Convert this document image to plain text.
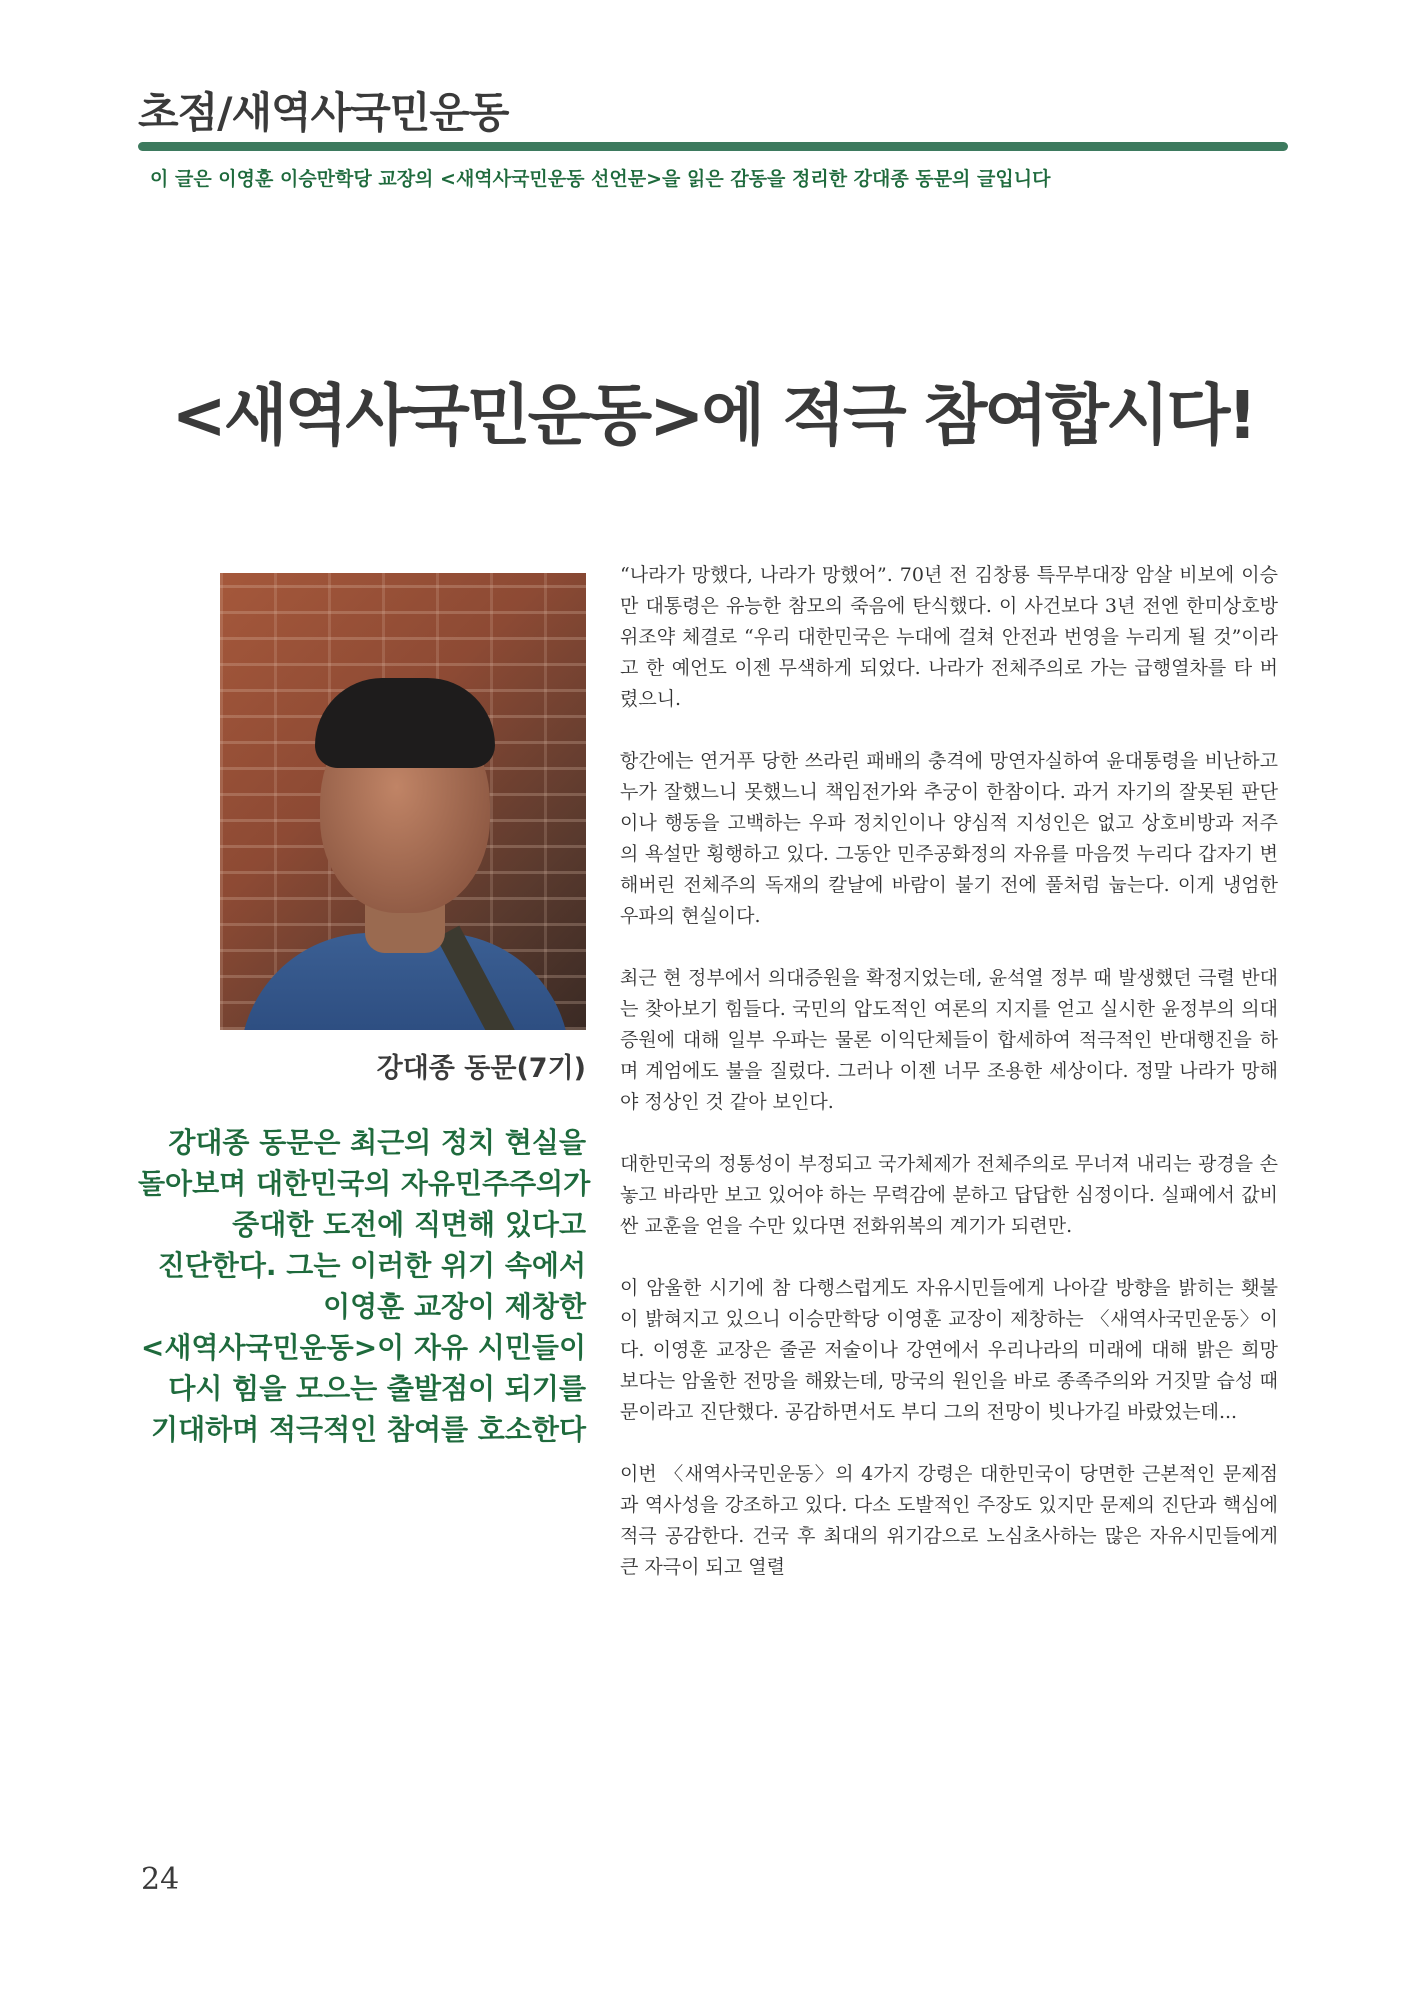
초점/새역사국민운동
이 글은 이영훈 이승만학당 교장의 <새역사국민운동 선언문>을 읽은 감동을 정리한 강대종 동문의 글입니다
<새역사국민운동>에 적극 참여합시다!
강대종 동문(7기)
강대종 동문은 최근의 정치 현실을
돌아보며 대한민국의 자유민주주의가
중대한 도전에 직면해 있다고
진단한다. 그는 이러한 위기 속에서
이영훈 교장이 제창한
<새역사국민운동>이 자유 시민들이
다시 힘을 모으는 출발점이 되기를
기대하며 적극적인 참여를 호소한다

“나라가 망했다, 나라가 망했어”. 70년 전 김창룡 특무부대장 암살 비보에 이승만 대통령은 유능한 참모의 죽음에 탄식했다. 이 사건보다 3년 전엔 한미상호방위조약 체결로 “우리 대한민국은 누대에 걸쳐 안전과 번영을 누리게 될 것”이라고 한 예언도 이젠 무색하게 되었다. 나라가 전체주의로 가는 급행열차를 타 버렸으니.

항간에는 연거푸 당한 쓰라린 패배의 충격에 망연자실하여 윤대통령을 비난하고 누가 잘했느니 못했느니 책임전가와 추궁이 한참이다. 과거 자기의 잘못된 판단이나 행동을 고백하는 우파 정치인이나 양심적 지성인은 없고 상호비방과 저주의 욕설만 횡행하고 있다. 그동안 민주공화정의 자유를 마음껏 누리다 갑자기 변해버린 전체주의 독재의 칼날에 바람이 불기 전에 풀처럼 눕는다. 이게 냉엄한 우파의 현실이다.

최근 현 정부에서 의대증원을 확정지었는데, 윤석열 정부 때 발생했던 극렬 반대는 찾아보기 힘들다. 국민의 압도적인 여론의 지지를 얻고 실시한 윤정부의 의대증원에 대해 일부 우파는 물론 이익단체들이 합세하여 적극적인 반대행진을 하며 계엄에도 불을 질렀다. 그러나 이젠 너무 조용한 세상이다. 정말 나라가 망해야 정상인 것 같아 보인다.

대한민국의 정통성이 부정되고 국가체제가 전체주의로 무너져 내리는 광경을 손 놓고 바라만 보고 있어야 하는 무력감에 분하고 답답한 심정이다. 실패에서 값비싼 교훈을 얻을 수만 있다면 전화위복의 계기가 되련만.

이 암울한 시기에 참 다행스럽게도 자유시민들에게 나아갈 방향을 밝히는 횃불이 밝혀지고 있으니 이승만학당 이영훈 교장이 제창하는 〈새역사국민운동〉이다. 이영훈 교장은 줄곧 저술이나 강연에서 우리나라의 미래에 대해 밝은 희망 보다는 암울한 전망을 해왔는데, 망국의 원인을 바로 종족주의와 거짓말 습성 때문이라고 진단했다. 공감하면서도 부디 그의 전망이 빗나가길 바랐었는데...

이번 〈새역사국민운동〉의 4가지 강령은 대한민국이 당면한 근본적인 문제점과 역사성을 강조하고 있다. 다소 도발적인 주장도 있지만 문제의 진단과 핵심에 적극 공감한다. 건국 후 최대의 위기감으로 노심초사하는 많은 자유시민들에게 큰 자극이 되고 열렬

24
